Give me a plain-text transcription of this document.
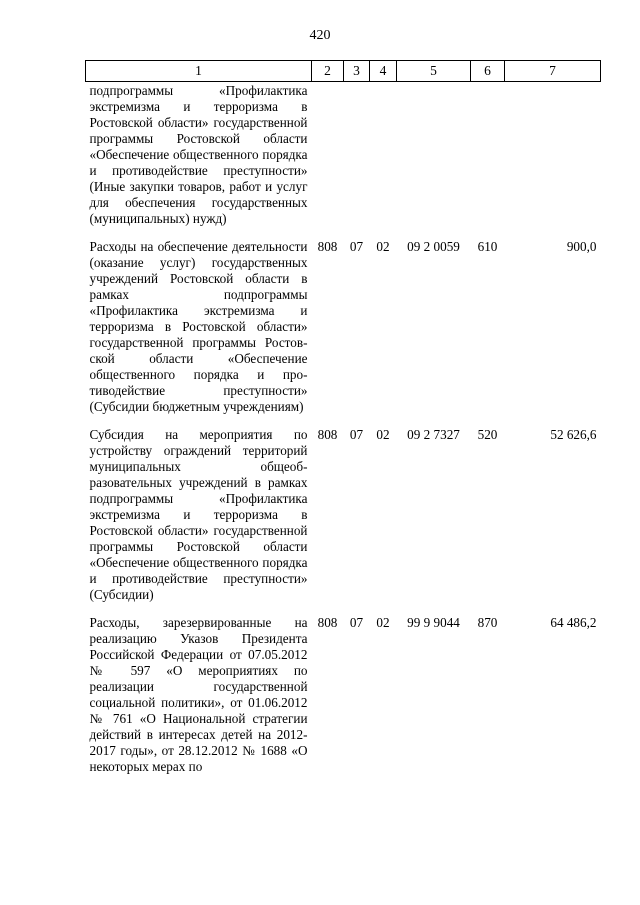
420
1	2	3	4	5	6	7
подпрограммы «Профилактика экстремизма и терроризма в Ростовской области» государственной программы Ростовской области «Обеспечение общественного порядка и противодействие преступности» (Иные закупки товаров, работ и услуг для обеспечения государственных (муниципальных) нужд)						

Расходы на обеспечение деятельности (оказание услуг) государственных учреждений Ростовской области в рамках подпрограммы «Профилактика экстремизма и терроризма в Ростовской области» государственной программы Ростовской области «Обеспечение общественного порядка и противодействие преступности» (Субсидии бюджетным учреждениям)	808	07	02	09 2 0059	610	900,0

Субсидия на мероприятия по устройству ограждений территорий муниципальных общеобразовательных учреждений в рамках подпрограммы «Профилактика экстремизма и терроризма в Ростовской области» государственной программы Ростовской области «Обеспечение общественного порядка и противодействие преступности» (Субсидии)	808	07	02	09 2 7327	520	52 626,6

Расходы, зарезервированные на реализацию Указов Президента Российской Федерации от 07.05.2012 № 597 «О мероприятиях по реализации государственной социальной политики», от 01.06.2012 № 761 «О Национальной стратегии действий в интересах детей на 2012-2017 годы», от 28.12.2012 № 1688 «О некоторых мерах по	808	07	02	99 9 9044	870	64 486,2
